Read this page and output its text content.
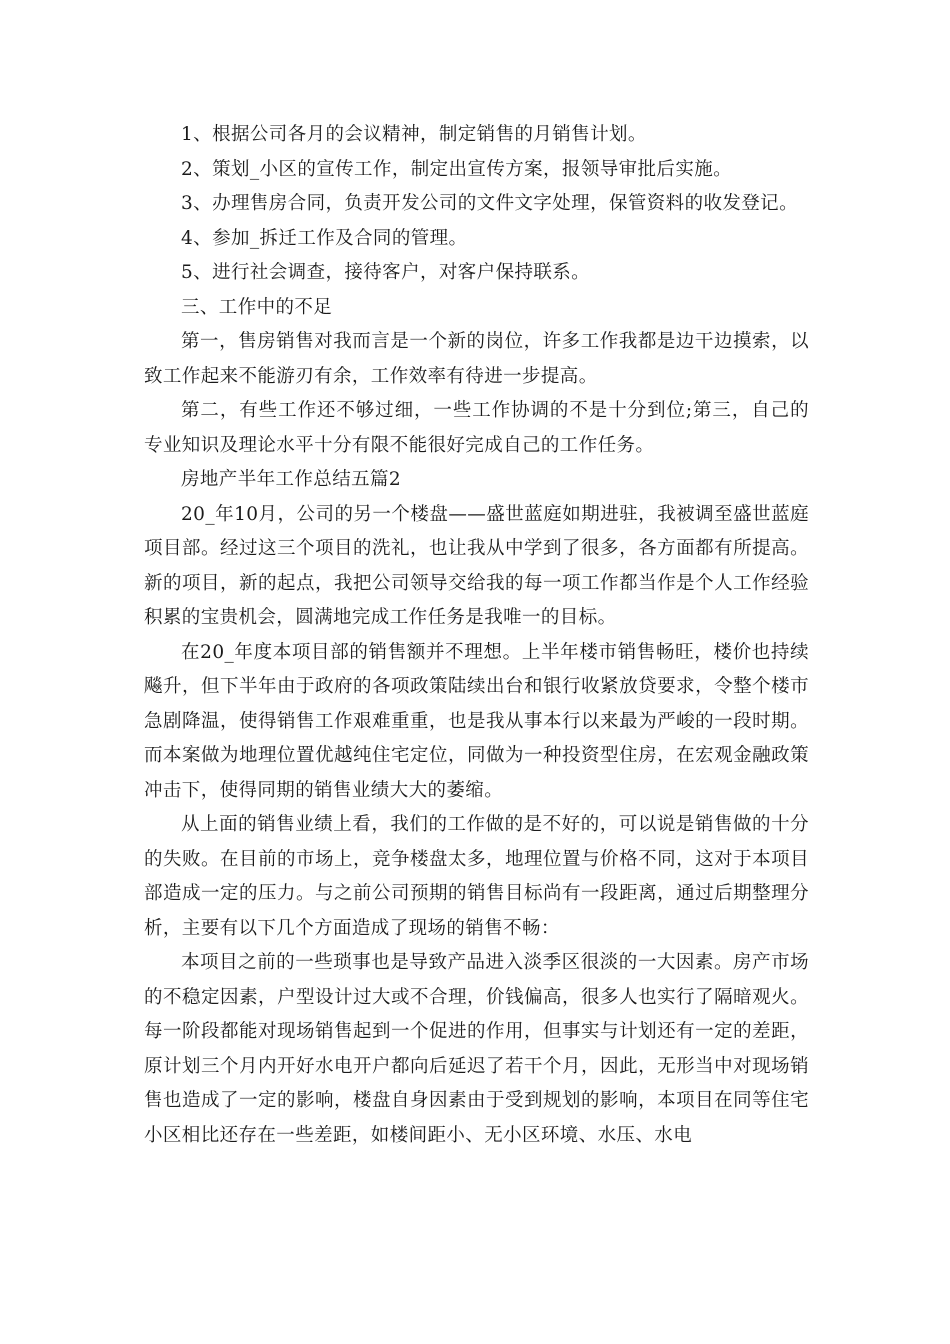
1、根据公司各月的会议精神，制定销售的月销售计划。

2、策划_小区的宣传工作，制定出宣传方案，报领导审批后实施。

3、办理售房合同，负责开发公司的文件文字处理，保管资料的收发登记。

4、参加_拆迁工作及合同的管理。

5、进行社会调查，接待客户，对客户保持联系。

三、工作中的不足

第一，售房销售对我而言是一个新的岗位，许多工作我都是边干边摸索，以致工作起来不能游刃有余，工作效率有待进一步提高。

第二，有些工作还不够过细，一些工作协调的不是十分到位;第三，自己的专业知识及理论水平十分有限不能很好完成自己的工作任务。

房地产半年工作总结五篇2

20_年10月，公司的另一个楼盘——盛世蓝庭如期进驻，我被调至盛世蓝庭项目部。经过这三个项目的洗礼，也让我从中学到了很多，各方面都有所提高。新的项目，新的起点，我把公司领导交给我的每一项工作都当作是个人工作经验积累的宝贵机会，圆满地完成工作任务是我唯一的目标。

在20_年度本项目部的销售额并不理想。上半年楼市销售畅旺，楼价也持续飚升，但下半年由于政府的各项政策陆续出台和银行收紧放贷要求，令整个楼市急剧降温，使得销售工作艰难重重，也是我从事本行以来最为严峻的一段时期。而本案做为地理位置优越纯住宅定位，同做为一种投资型住房，在宏观金融政策冲击下，使得同期的销售业绩大大的萎缩。

从上面的销售业绩上看，我们的工作做的是不好的，可以说是销售做的十分的失败。在目前的市场上，竞争楼盘太多，地理位置与价格不同，这对于本项目部造成一定的压力。与之前公司预期的销售目标尚有一段距离，通过后期整理分析，主要有以下几个方面造成了现场的销售不畅：

本项目之前的一些琐事也是导致产品进入淡季区很淡的一大因素。房产市场的不稳定因素，户型设计过大或不合理，价钱偏高，很多人也实行了隔暗观火。每一阶段都能对现场销售起到一个促进的作用，但事实与计划还有一定的差距，原计划三个月内开好水电开户都向后延迟了若干个月，因此，无形当中对现场销售也造成了一定的影响，楼盘自身因素由于受到规划的影响，本项目在同等住宅小区相比还存在一些差距，如楼间距小、无小区环境、水压、水电
